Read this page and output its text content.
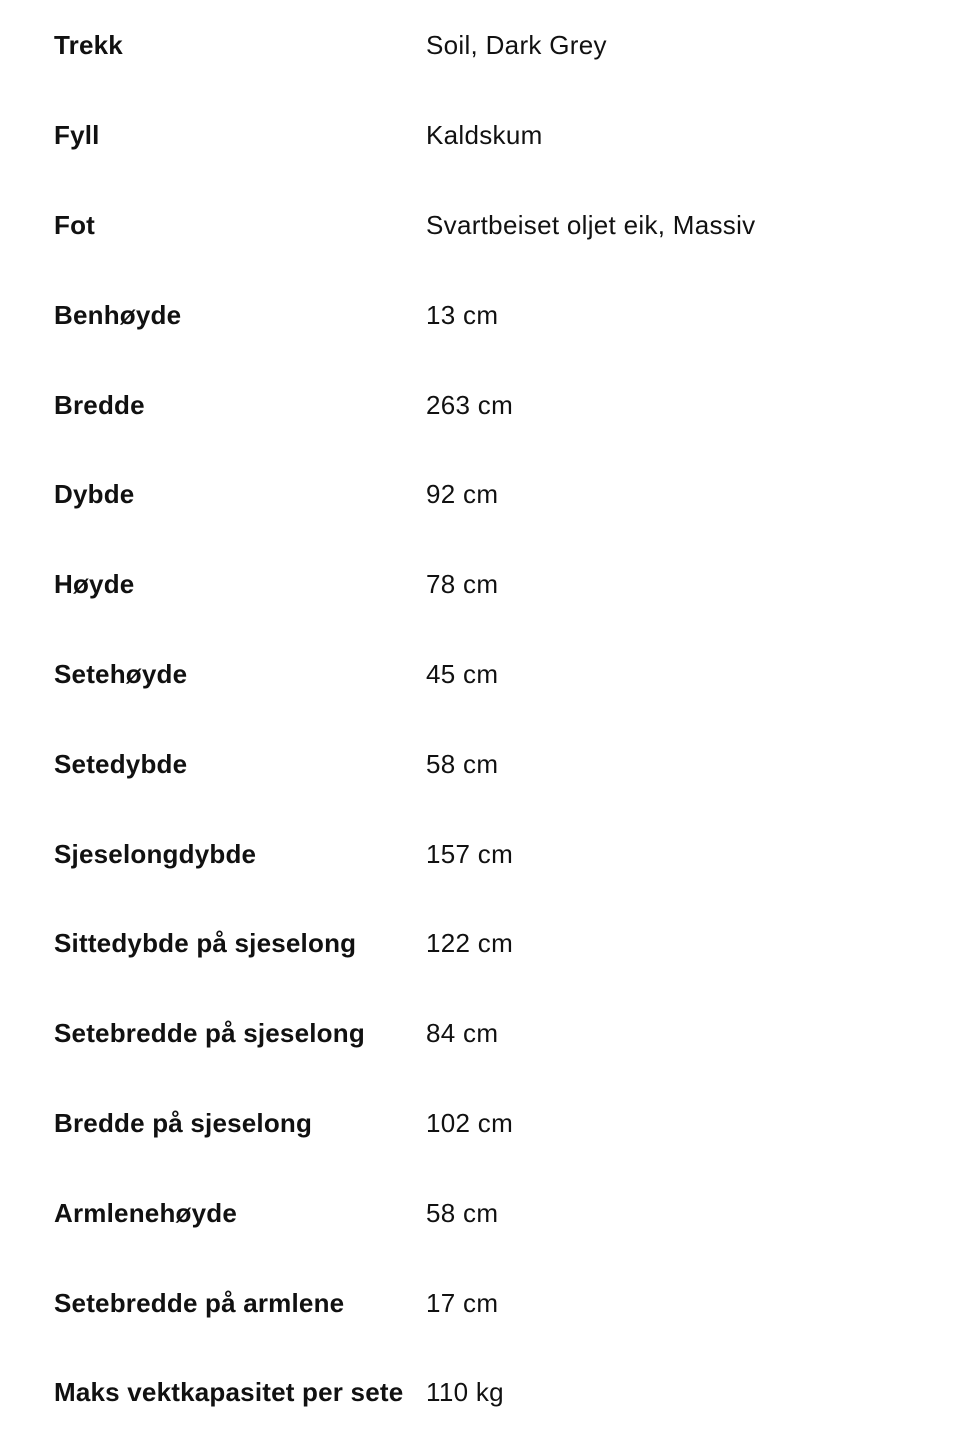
Trekk	Soil, Dark Grey
Fyll	Kaldskum
Fot	Svartbeiset oljet eik, Massiv
Benhøyde	13 cm
Bredde	263 cm
Dybde	92 cm
Høyde	78 cm
Setehøyde	45 cm
Setedybde	58 cm
Sjeselongdybde	157 cm
Sittedybde på sjeselong	122 cm
Setebredde på sjeselong	84 cm
Bredde på sjeselong	102 cm
Armlenehøyde	58 cm
Setebredde på armlene	17 cm
Maks vektkapasitet per sete 110 kg
